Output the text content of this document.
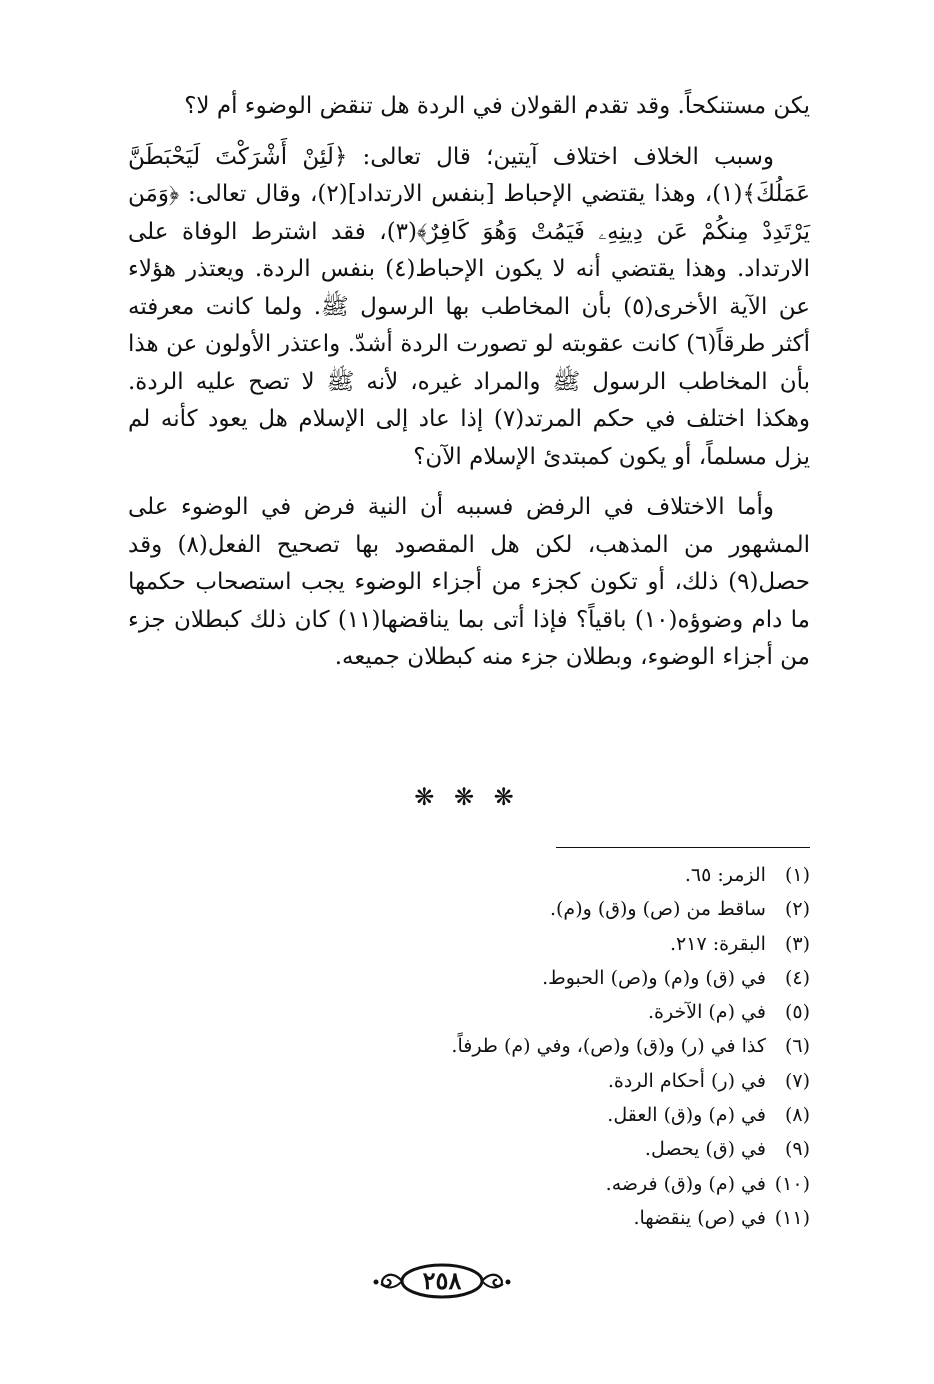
يكن مستنكحاً. وقد تقدم القولان في الردة هل تنقض الوضوء أم لا؟

وسبب الخلاف اختلاف آيتين؛ قال تعالى: ﴿لَئِنْ أَشْرَكْتَ لَيَحْبَطَنَّ عَمَلُكَ﴾(١)، وهذا يقتضي الإحباط [بنفس الارتداد](٢)، وقال تعالى: ﴿وَمَن يَرْتَدِدْ مِنكُمْ عَن دِينِهِۦ فَيَمُتْ وَهُوَ كَافِرٌ﴾(٣)، فقد اشترط الوفاة على الارتداد. وهذا يقتضي أنه لا يكون الإحباط(٤) بنفس الردة. ويعتذر هؤلاء عن الآية الأخرى(٥) بأن المخاطب بها الرسول ﷺ. ولما كانت معرفته أكثر طرقاً(٦) كانت عقوبته لو تصورت الردة أشدّ. واعتذر الأولون عن هذا بأن المخاطب الرسول ﷺ والمراد غيره، لأنه ﷺ لا تصح عليه الردة. وهكذا اختلف في حكم المرتد(٧) إذا عاد إلى الإسلام هل يعود كأنه لم يزل مسلماً، أو يكون كمبتدئ الإسلام الآن؟

وأما الاختلاف في الرفض فسببه أن النية فرض في الوضوء على المشهور من المذهب، لكن هل المقصود بها تصحيح الفعل(٨) وقد حصل(٩) ذلك، أو تكون كجزء من أجزاء الوضوء يجب استصحاب حكمها ما دام وضوؤه(١٠) باقياً؟ فإذا أتى بما يناقضها(١١) كان ذلك كبطلان جزء من أجزاء الوضوء، وبطلان جزء منه كبطلان جميعه.

❋ ❋ ❋
(١) الزمر: ٦٥.
(٢) ساقط من (ص) و(ق) و(م).
(٣) البقرة: ٢١٧.
(٤) في (ق) و(م) و(ص) الحبوط.
(٥) في (م) الآخرة.
(٦) كذا في (ر) و(ق) و(ص)، وفي (م) طرفاً.
(٧) في (ر) أحكام الردة.
(٨) في (م) و(ق) العقل.
(٩) في (ق) يحصل.
(١٠) في (م) و(ق) فرضه.
(١١) في (ص) ينقضها.
٢٥٨
